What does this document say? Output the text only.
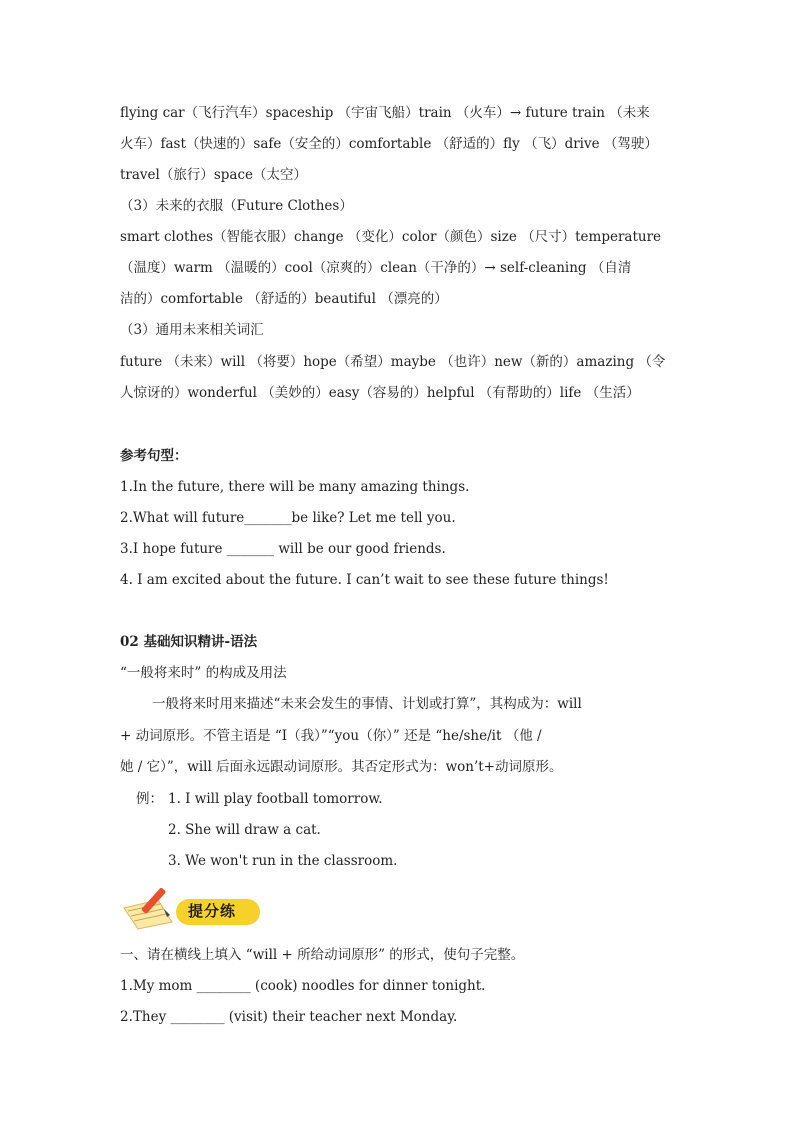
flying car（飞行汽车）spaceship （宇宙飞船）train （火车）→ future train （未来
火车）fast（快速的）safe（安全的）comfortable （舒适的）fly （飞）drive （驾驶）
travel（旅行）space（太空）
（3）未来的衣服（Future Clothes）
smart clothes（智能衣服）change （变化）color（颜色）size （尺寸）temperature
（温度）warm （温暖的）cool（凉爽的）clean（干净的）→ self-cleaning （自清
洁的）comfortable （舒适的）beautiful （漂亮的）
（3）通用未来相关词汇
future （未来）will （将要）hope（希望）maybe （也许）new（新的）amazing （令
人惊讶的）wonderful （美妙的）easy（容易的）helpful （有帮助的）life （生活）
参考句型：
1.In the future, there will be many amazing things.
2.What will future_______be like? Let me tell you.
3.I hope future _______ will be our good friends.
4. I am excited about the future. I can’t wait to see these future things!
02 基础知识精讲-语法
“一般将来时” 的构成及用法
一般将来时用来描述“未来会发生的事情、计划或打算”，其构成为：will
+ 动词原形。不管主语是 “I（我）”“you（你）” 还是 “he/she/it （他 /
她 / 它）”，will 后面永远跟动词原形。其否定形式为：won’t+动词原形。
例： 1. I will play football tomorrow.
2. She will draw a cat.
3. We won't run in the classroom.
提分练
一、请在横线上填入 “will + 所给动词原形” 的形式，使句子完整。
1.My mom ________ (cook) noodles for dinner tonight.
2.They ________ (visit) their teacher next Monday.
